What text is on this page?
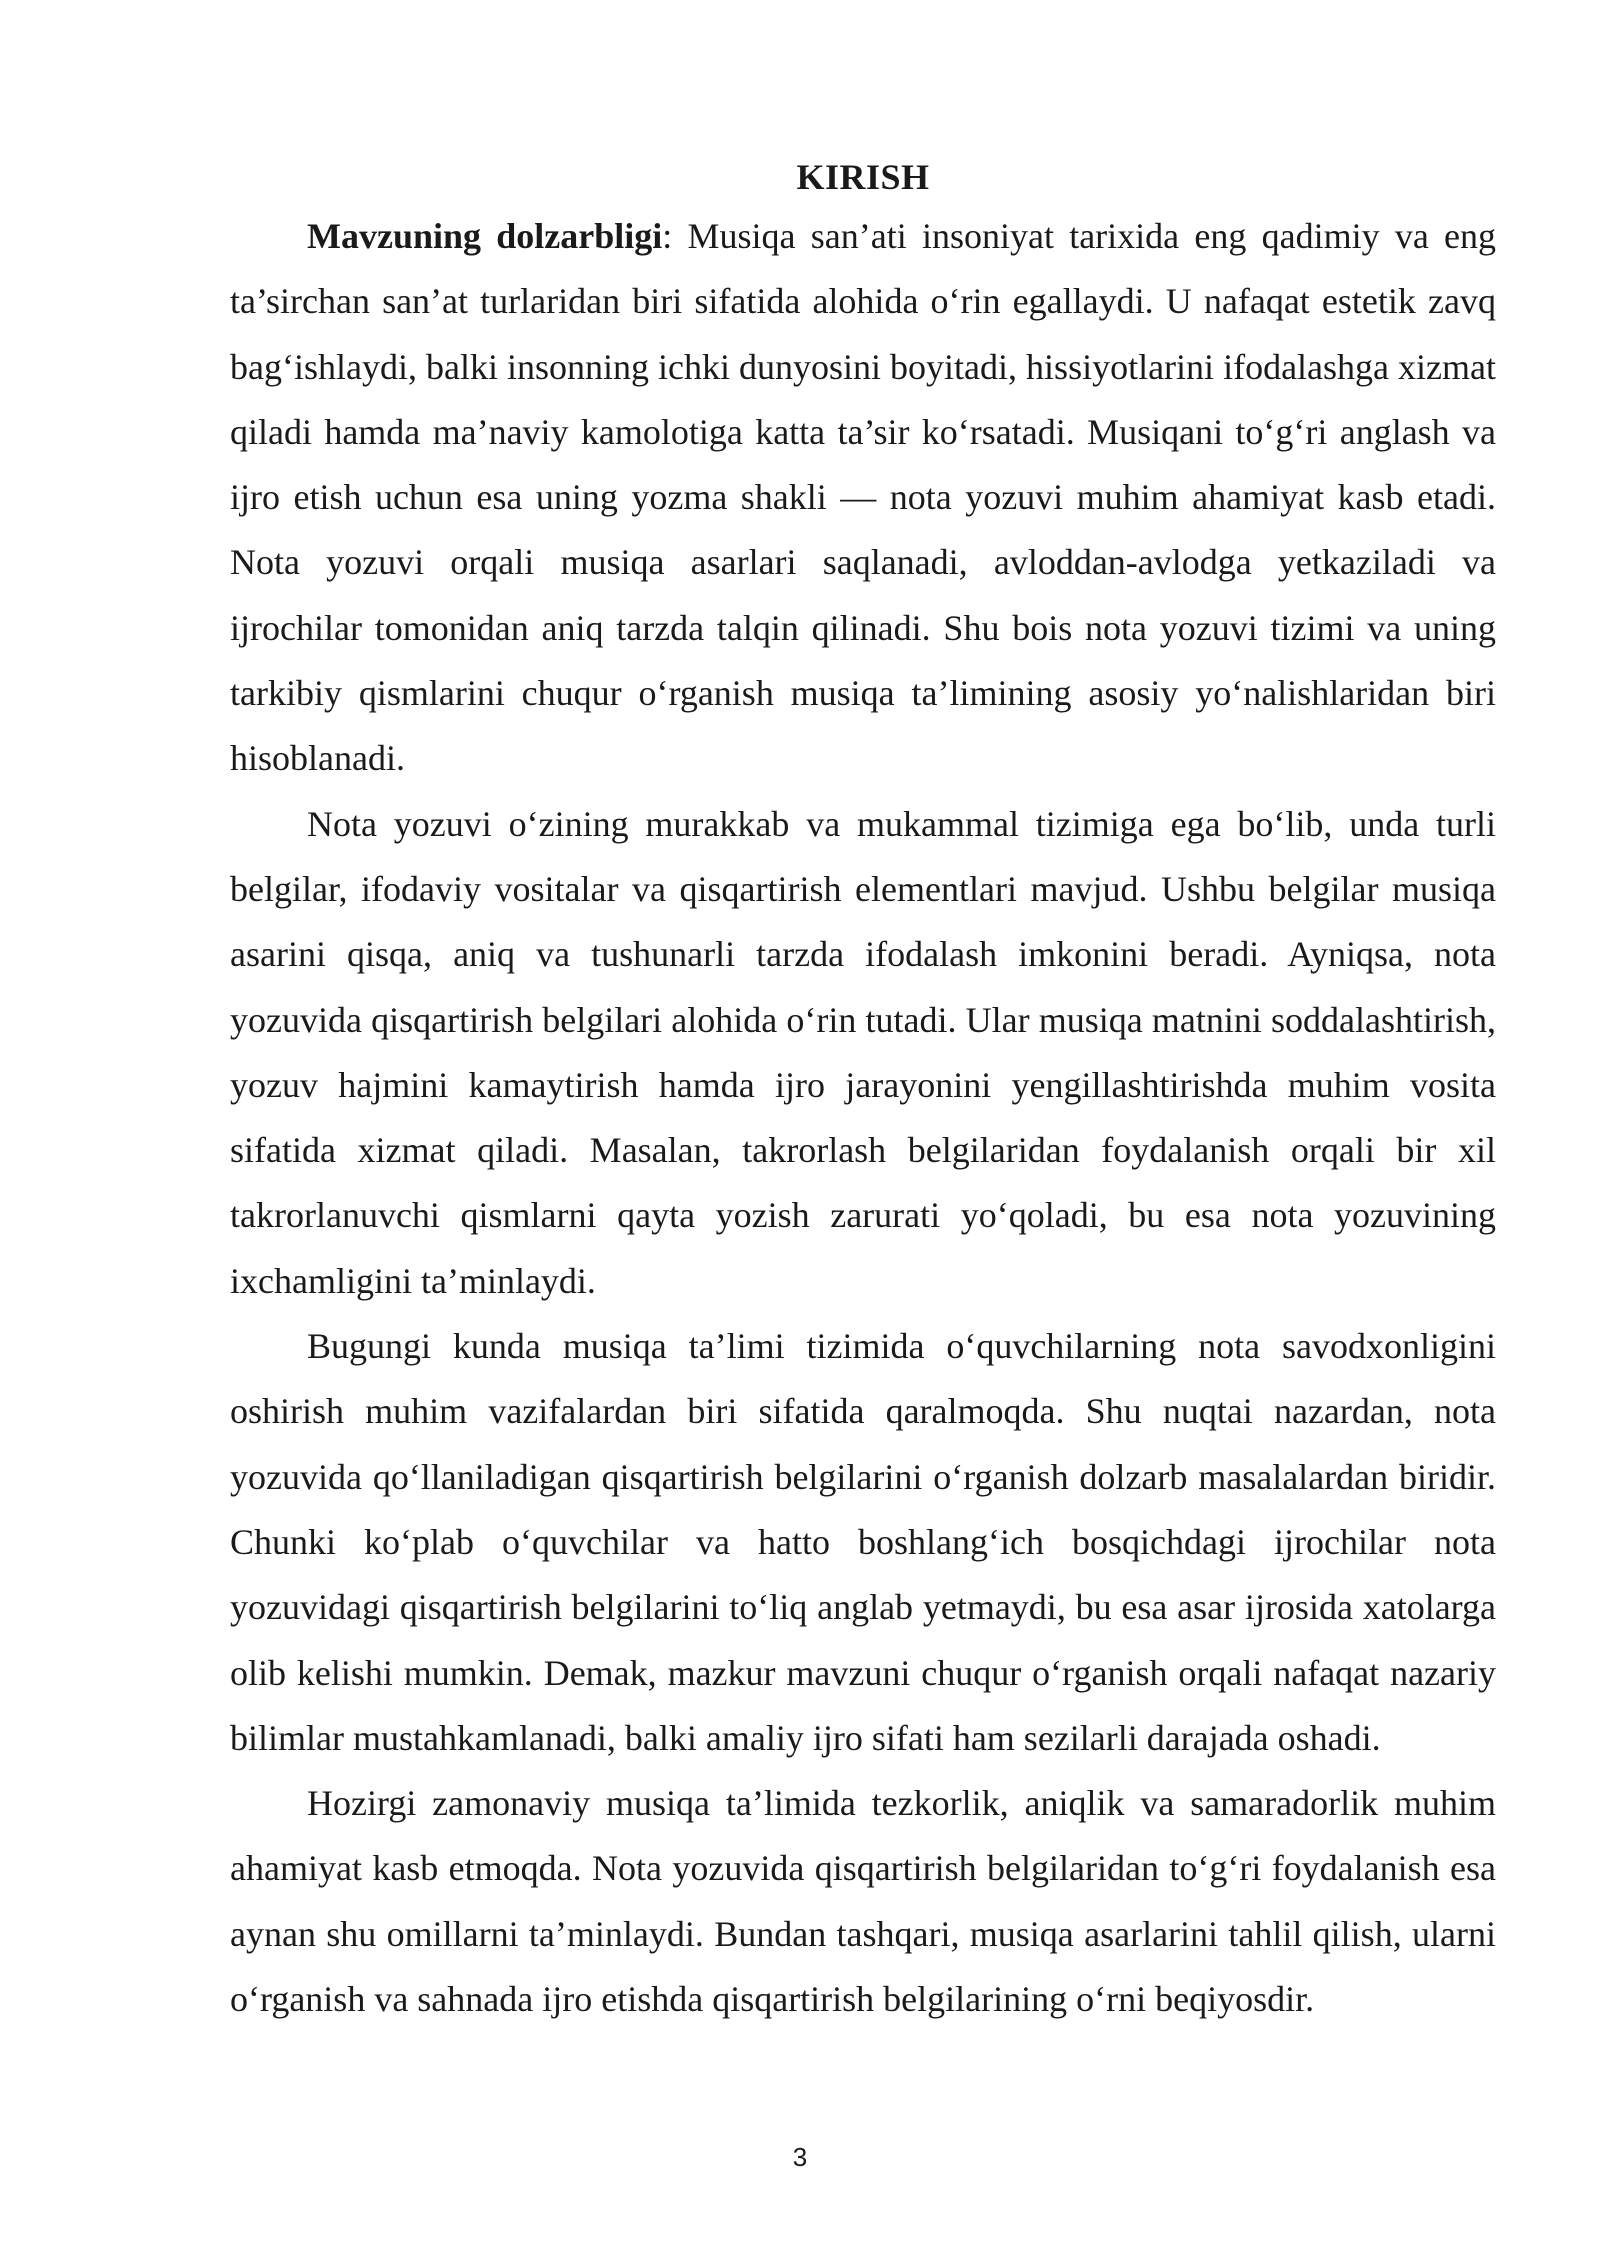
KIRISH

Mavzuning dolzarbligi: Musiqa san’ati insoniyat tarixida eng qadimiy va eng ta’sirchan san’at turlaridan biri sifatida alohida o‘rin egallaydi. U nafaqat estetik zavq bag‘ishlaydi, balki insonning ichki dunyosini boyitadi, hissiyotlarini ifodalashga xizmat qiladi hamda ma’naviy kamolotiga katta ta’sir ko‘rsatadi. Musiqani to‘g‘ri anglash va ijro etish uchun esa uning yozma shakli — nota yozuvi muhim ahamiyat kasb etadi. Nota yozuvi orqali musiqa asarlari saqlanadi, avloddan-avlodga yetkaziladi va ijrochilar tomonidan aniq tarzda talqin qilinadi. Shu bois nota yozuvi tizimi va uning tarkibiy qismlarini chuqur o‘rganish musiqa ta’limining asosiy yo‘nalishlaridan biri hisoblanadi.

Nota yozuvi o‘zining murakkab va mukammal tizimiga ega bo‘lib, unda turli belgilar, ifodaviy vositalar va qisqartirish elementlari mavjud. Ushbu belgilar musiqa asarini qisqa, aniq va tushunarli tarzda ifodalash imkonini beradi. Ayniqsa, nota yozuvida qisqartirish belgilari alohida o‘rin tutadi. Ular musiqa matnini soddalashtirish, yozuv hajmini kamaytirish hamda ijro jarayonini yengillashtirishda muhim vosita sifatida xizmat qiladi. Masalan, takrorlash belgilaridan foydalanish orqali bir xil takrorlanuvchi qismlarni qayta yozish zarurati yo‘qoladi, bu esa nota yozuvining ixchamligini ta’minlaydi.

Bugungi kunda musiqa ta’limi tizimida o‘quvchilarning nota savodxonligini oshirish muhim vazifalardan biri sifatida qaralmoqda. Shu nuqtai nazardan, nota yozuvida qo‘llaniladigan qisqartirish belgilarini o‘rganish dolzarb masalalardan biridir. Chunki ko‘plab o‘quvchilar va hatto boshlang‘ich bosqichdagi ijrochilar nota yozuvidagi qisqartirish belgilarini to‘liq anglab yetmaydi, bu esa asar ijrosida xatolarga olib kelishi mumkin. Demak, mazkur mavzuni chuqur o‘rganish orqali nafaqat nazariy bilimlar mustahkamlanadi, balki amaliy ijro sifati ham sezilarli darajada oshadi.

Hozirgi zamonaviy musiqa ta’limida tezkorlik, aniqlik va samaradorlik muhim ahamiyat kasb etmoqda. Nota yozuvida qisqartirish belgilaridan to‘g‘ri foydalanish esa aynan shu omillarni ta’minlaydi. Bundan tashqari, musiqa asarlarini tahlil qilish, ularni o‘rganish va sahnada ijro etishda qisqartirish belgilarining o‘rni beqiyosdir.

3
